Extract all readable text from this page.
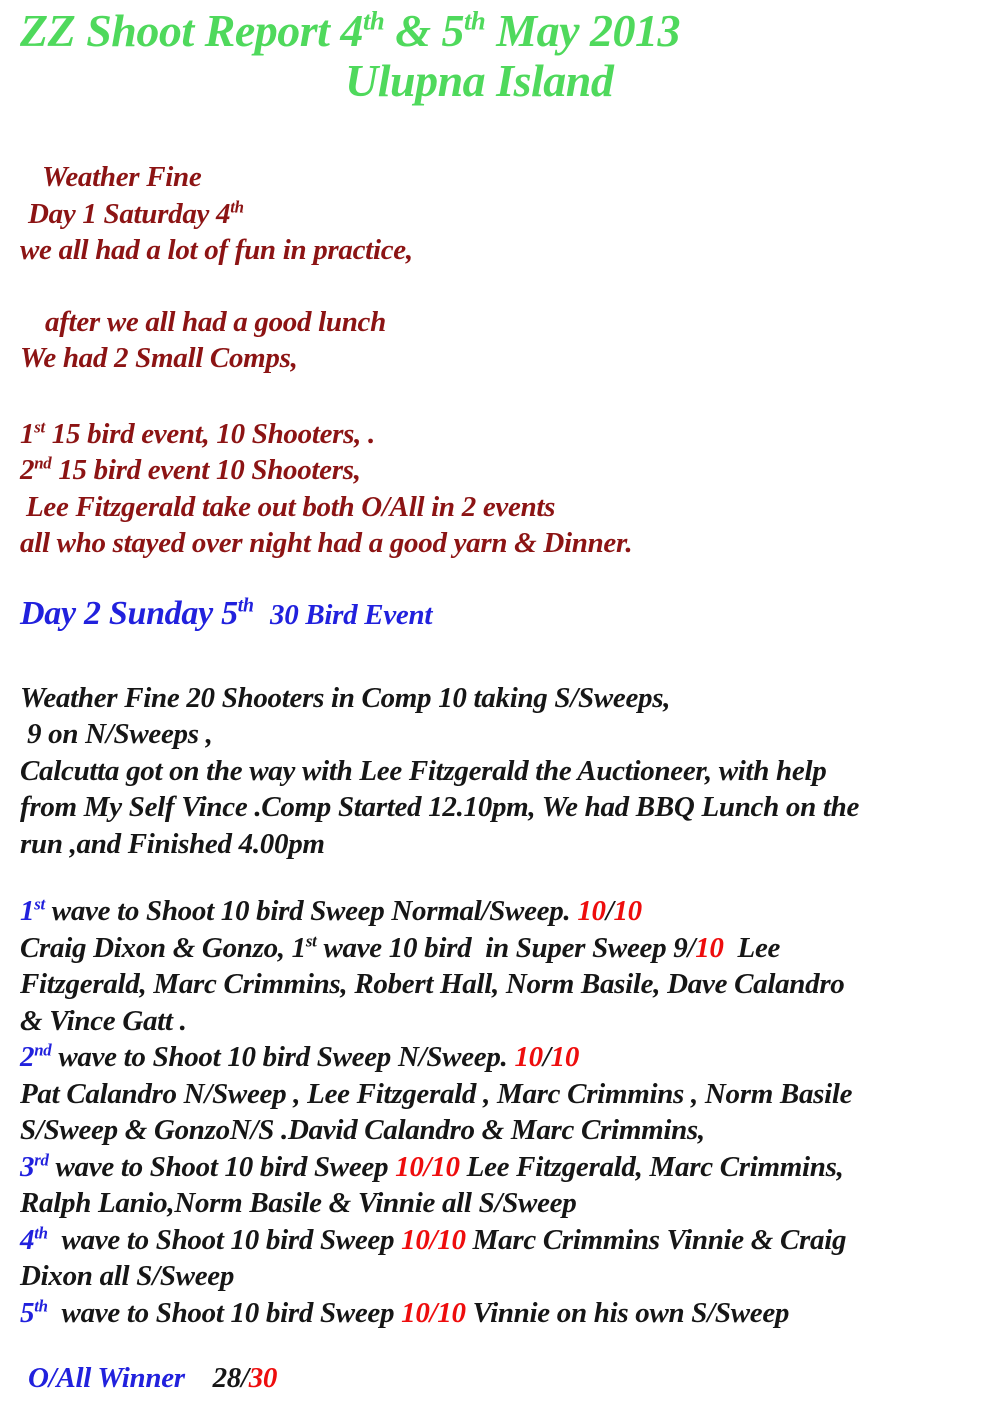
ZZ Shoot Report 4th & 5th May 2013
Ulupna Island
Weather Fine
Day 1 Saturday 4th
we all had a lot of fun in practice,
after we all had a good lunch
We had 2 Small Comps,
1st 15 bird event, 10 Shooters, .
2nd 15 bird event 10 Shooters,
Lee Fitzgerald take out both O/All in 2 events
all who stayed over night had a good yarn & Dinner.
Day 2 Sunday 5th 30 Bird Event
Weather Fine 20 Shooters in Comp 10 taking S/Sweeps,
9 on N/Sweeps ,
Calcutta got on the way with Lee Fitzgerald the Auctioneer, with help
from My Self Vince .Comp Started 12.10pm, We had BBQ Lunch on the
run ,and Finished 4.00pm
1st wave to Shoot 10 bird Sweep Normal/Sweep. 10/10
Craig Dixon & Gonzo, 1st wave 10 bird  in Super Sweep 9/10  Lee
Fitzgerald, Marc Crimmins, Robert Hall, Norm Basile, Dave Calandro
& Vince Gatt .
2nd wave to Shoot 10 bird Sweep N/Sweep. 10/10
Pat Calandro N/Sweep , Lee Fitzgerald , Marc Crimmins , Norm Basile
S/Sweep & GonzoN/S .David Calandro & Marc Crimmins,
3rd wave to Shoot 10 bird Sweep 10/10 Lee Fitzgerald, Marc Crimmins,
Ralph Lanio,Norm Basile & Vinnie all S/Sweep
4th  wave to Shoot 10 bird Sweep 10/10 Marc Crimmins Vinnie & Craig
Dixon all S/Sweep
5th  wave to Shoot 10 bird Sweep 10/10 Vinnie on his own S/Sweep
O/All Winner    28/30
